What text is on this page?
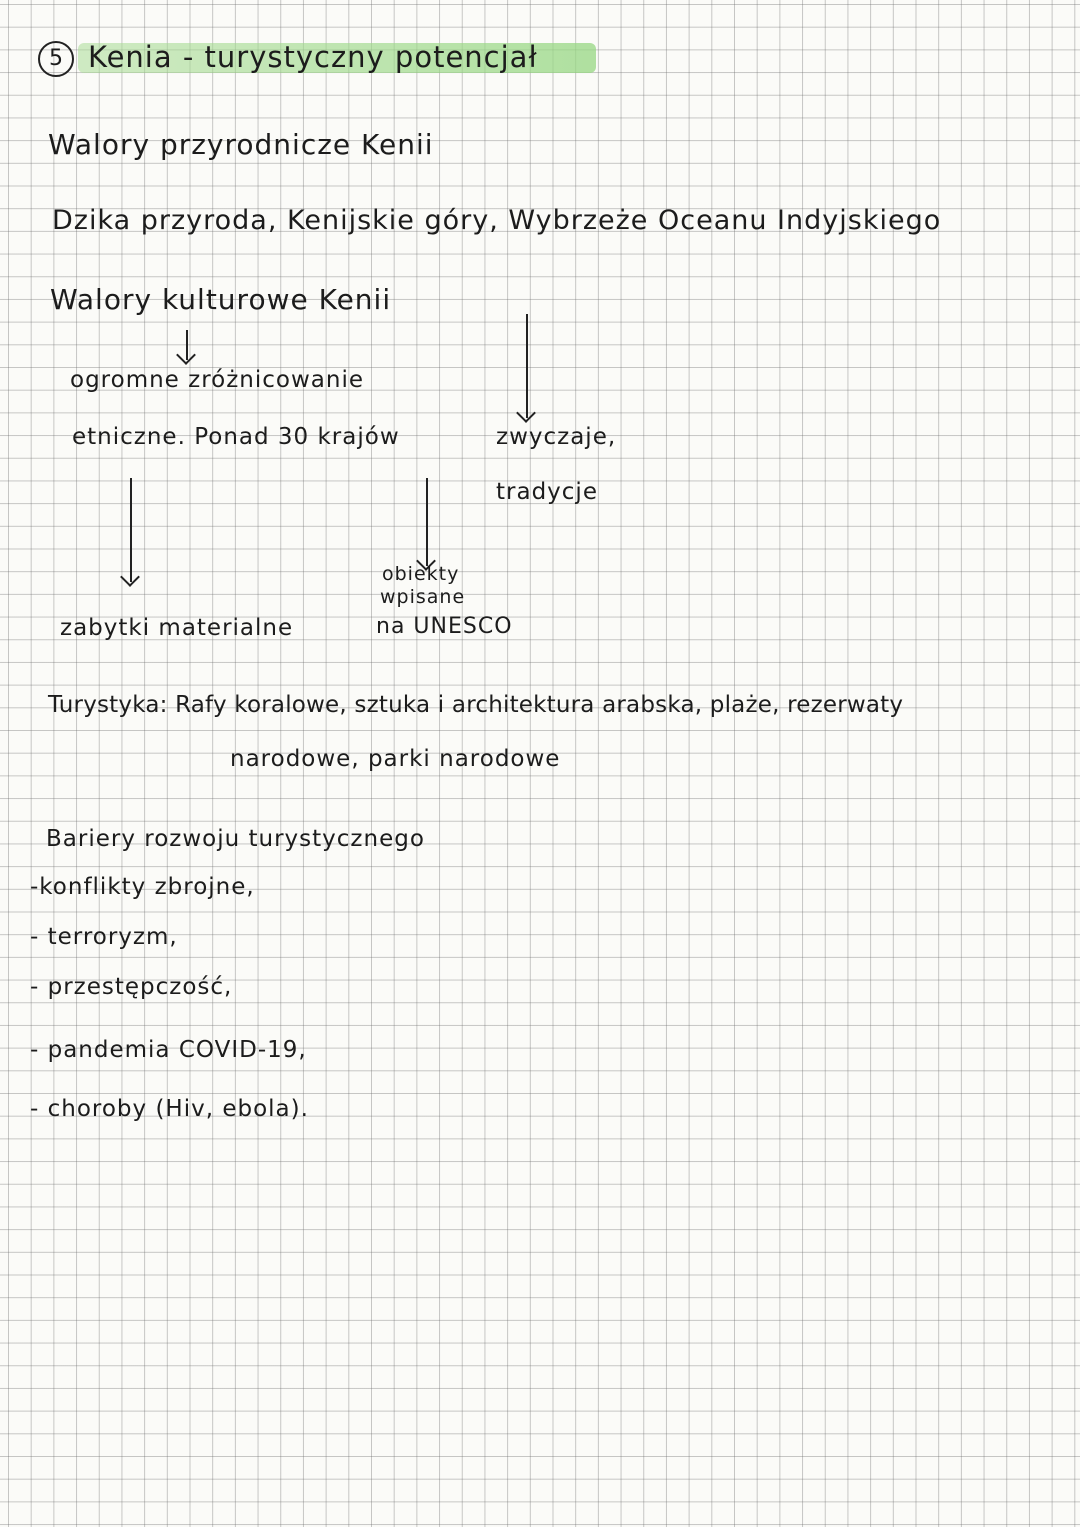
5 Kenia - turystyczny potencjał
Walory przyrodnicze Kenii
Dzika przyroda, Kenijskie góry, Wybrzeże Oceanu Indyjskiego
Walory kulturowe Kenii
ogromne zróżnicowanie
etniczne. Ponad 30 krajów	zwyczaje,
tradycje
zabytki materialne
obiekty
wpisane
na UNESCO
Turystyka: Rafy koralowe, sztuka i architektura arabska, plaże, rezerwaty
narodowe, parki narodowe
Bariery rozwoju turystycznego
-konflikty zbrojne,
- terroryzm,
- przestępczość,
- pandemia COVID-19,
- choroby (Hiv, ebola).
